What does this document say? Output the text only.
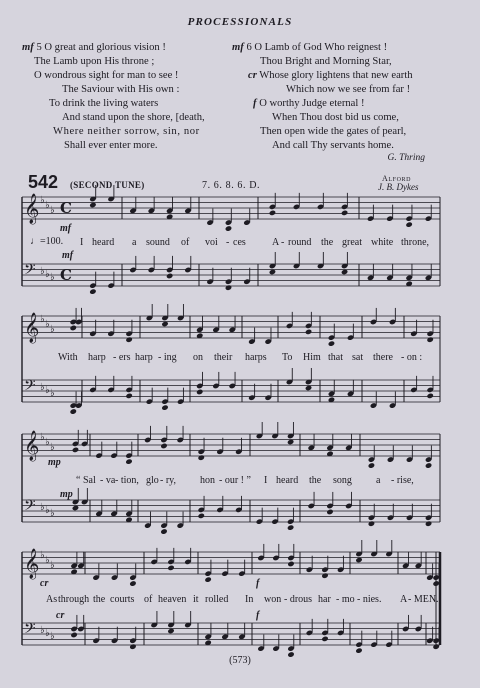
PROCESSIONALS
mf 5 O great and glorious vision !
The Lamb upon His throne ;
O wondrous sight for man to see !
The Saviour with His own :
To drink the living waters
And stand upon the shore, [death,
Where neither sorrow, sin, nor
Shall ever enter more.
mf 6 O Lamb of God Who reignest !
Thou Bright and Morning Star,
cr Whose glory lightens that new earth
Which now we see from far !
f O worthy Judge eternal !
When Thou dost bid us come,
Then open wide the gates of pearl,
And call Thy servants home.
G. Thring
542 (SECOND TUNE)	7. 6. 8. 6. D.
Alford
J. B. Dykes
𝄞 ♭ ♭ ♭ C
𝄢 ♭ ♭ ♭ C
𝄞 ♭ ♭ ♭
𝄢 ♭ ♭ ♭
𝄞 ♭ ♭ ♭
𝄢 ♭ ♭ ♭
𝄞 ♭ ♭ ♭
𝄢 ♭ ♭ ♭
mf
♩=100.
mf
I heard a sound of voi - ces	A - round the great white throne,
With harp - ers harp - ing on their harps To Him that sat there - on :
mp
mp
“ Sal - va - tion, glo - ry, hon - our ! ” I heard the song a - rise,
cr	f
cr	f
As through the courts of heaven it rolled In won - drous har - mo - nies. A - MEN.
(573)
